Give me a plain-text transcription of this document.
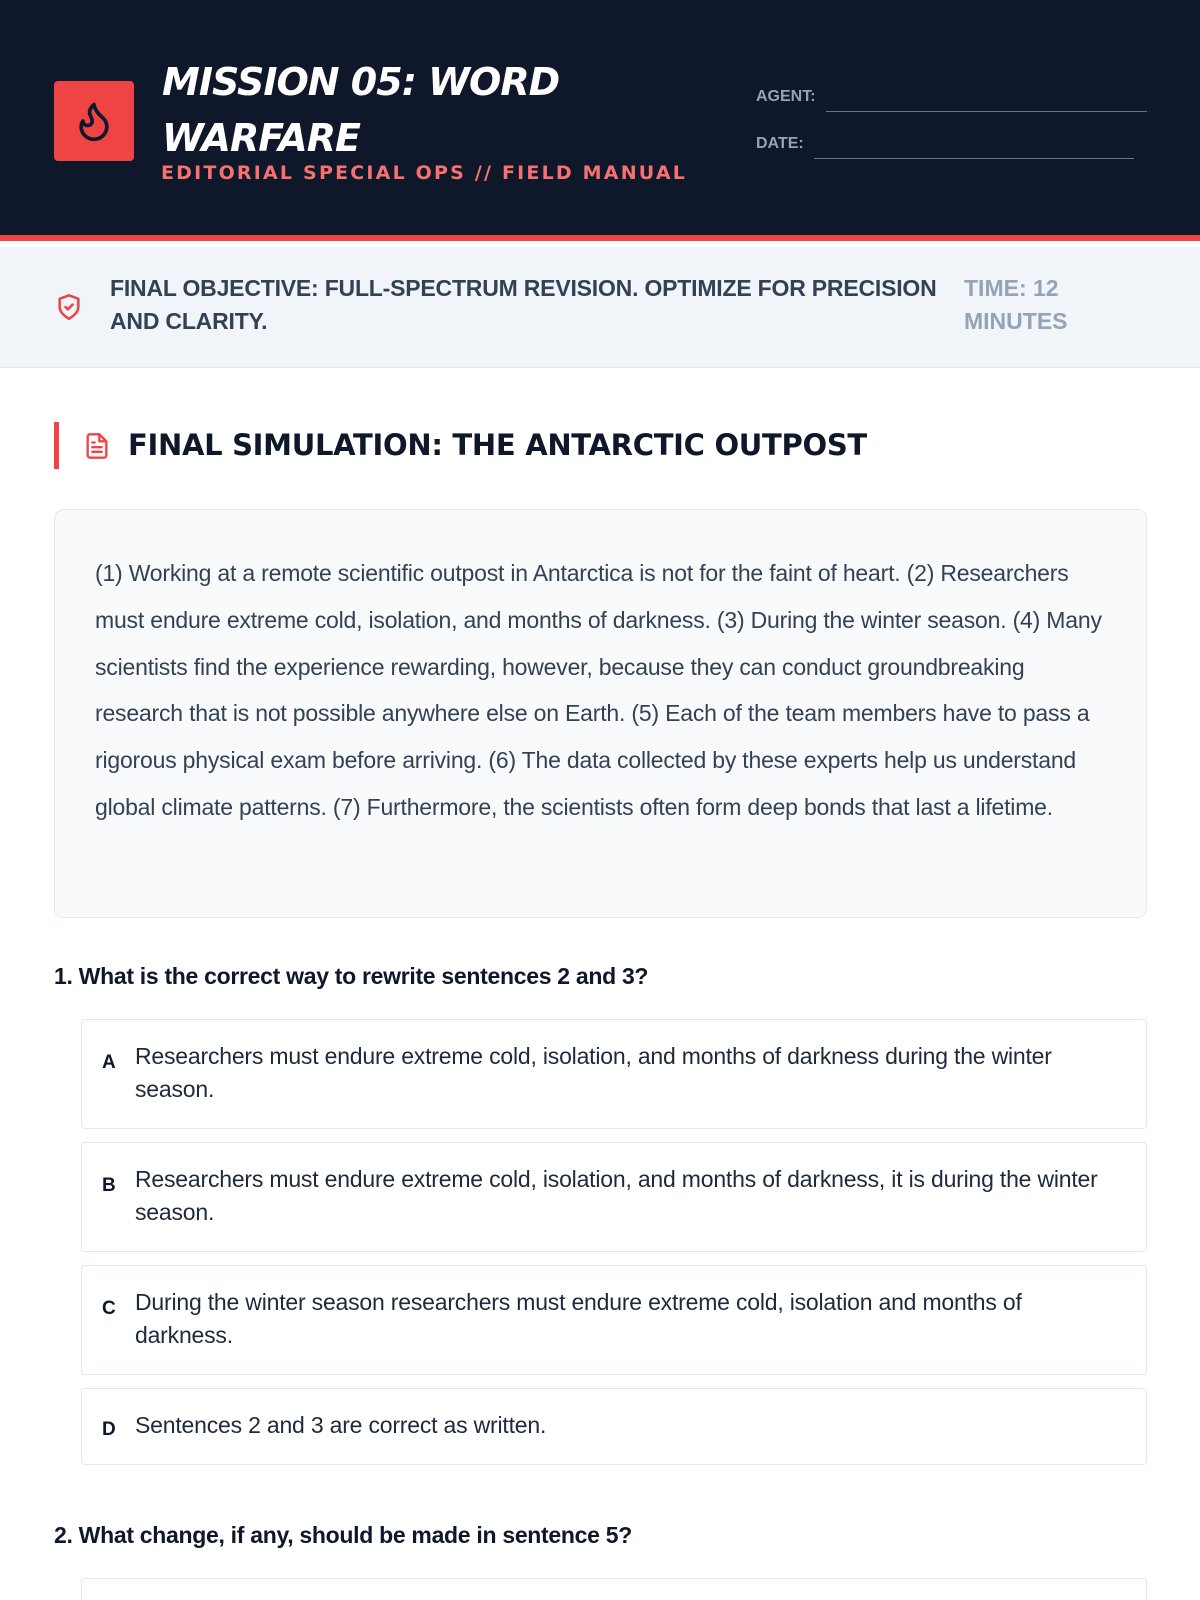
MISSION 05: WORD WARFARE
EDITORIAL SPECIAL OPS // FIELD MANUAL
AGENT:
DATE:
FINAL OBJECTIVE: FULL-SPECTRUM REVISION. OPTIMIZE FOR PRECISION AND CLARITY.
TIME: 12 MINUTES
FINAL SIMULATION: THE ANTARCTIC OUTPOST

(1) Working at a remote scientific outpost in Antarctica is not for the faint of heart. (2) Researchers must endure extreme cold, isolation, and months of darkness. (3) During the winter season. (4) Many scientists find the experience rewarding, however, because they can conduct groundbreaking research that is not possible anywhere else on Earth. (5) Each of the team members have to pass a rigorous physical exam before arriving. (6) The data collected by these experts help us understand global climate patterns. (7) Furthermore, the scientists often form deep bonds that last a lifetime.

1. What is the correct way to rewrite sentences 2 and 3?
A Researchers must endure extreme cold, isolation, and months of darkness during the winter season.
B Researchers must endure extreme cold, isolation, and months of darkness, it is during the winter season.
C During the winter season researchers must endure extreme cold, isolation and months of darkness.
D Sentences 2 and 3 are correct as written.
2. What change, if any, should be made in sentence 5?
